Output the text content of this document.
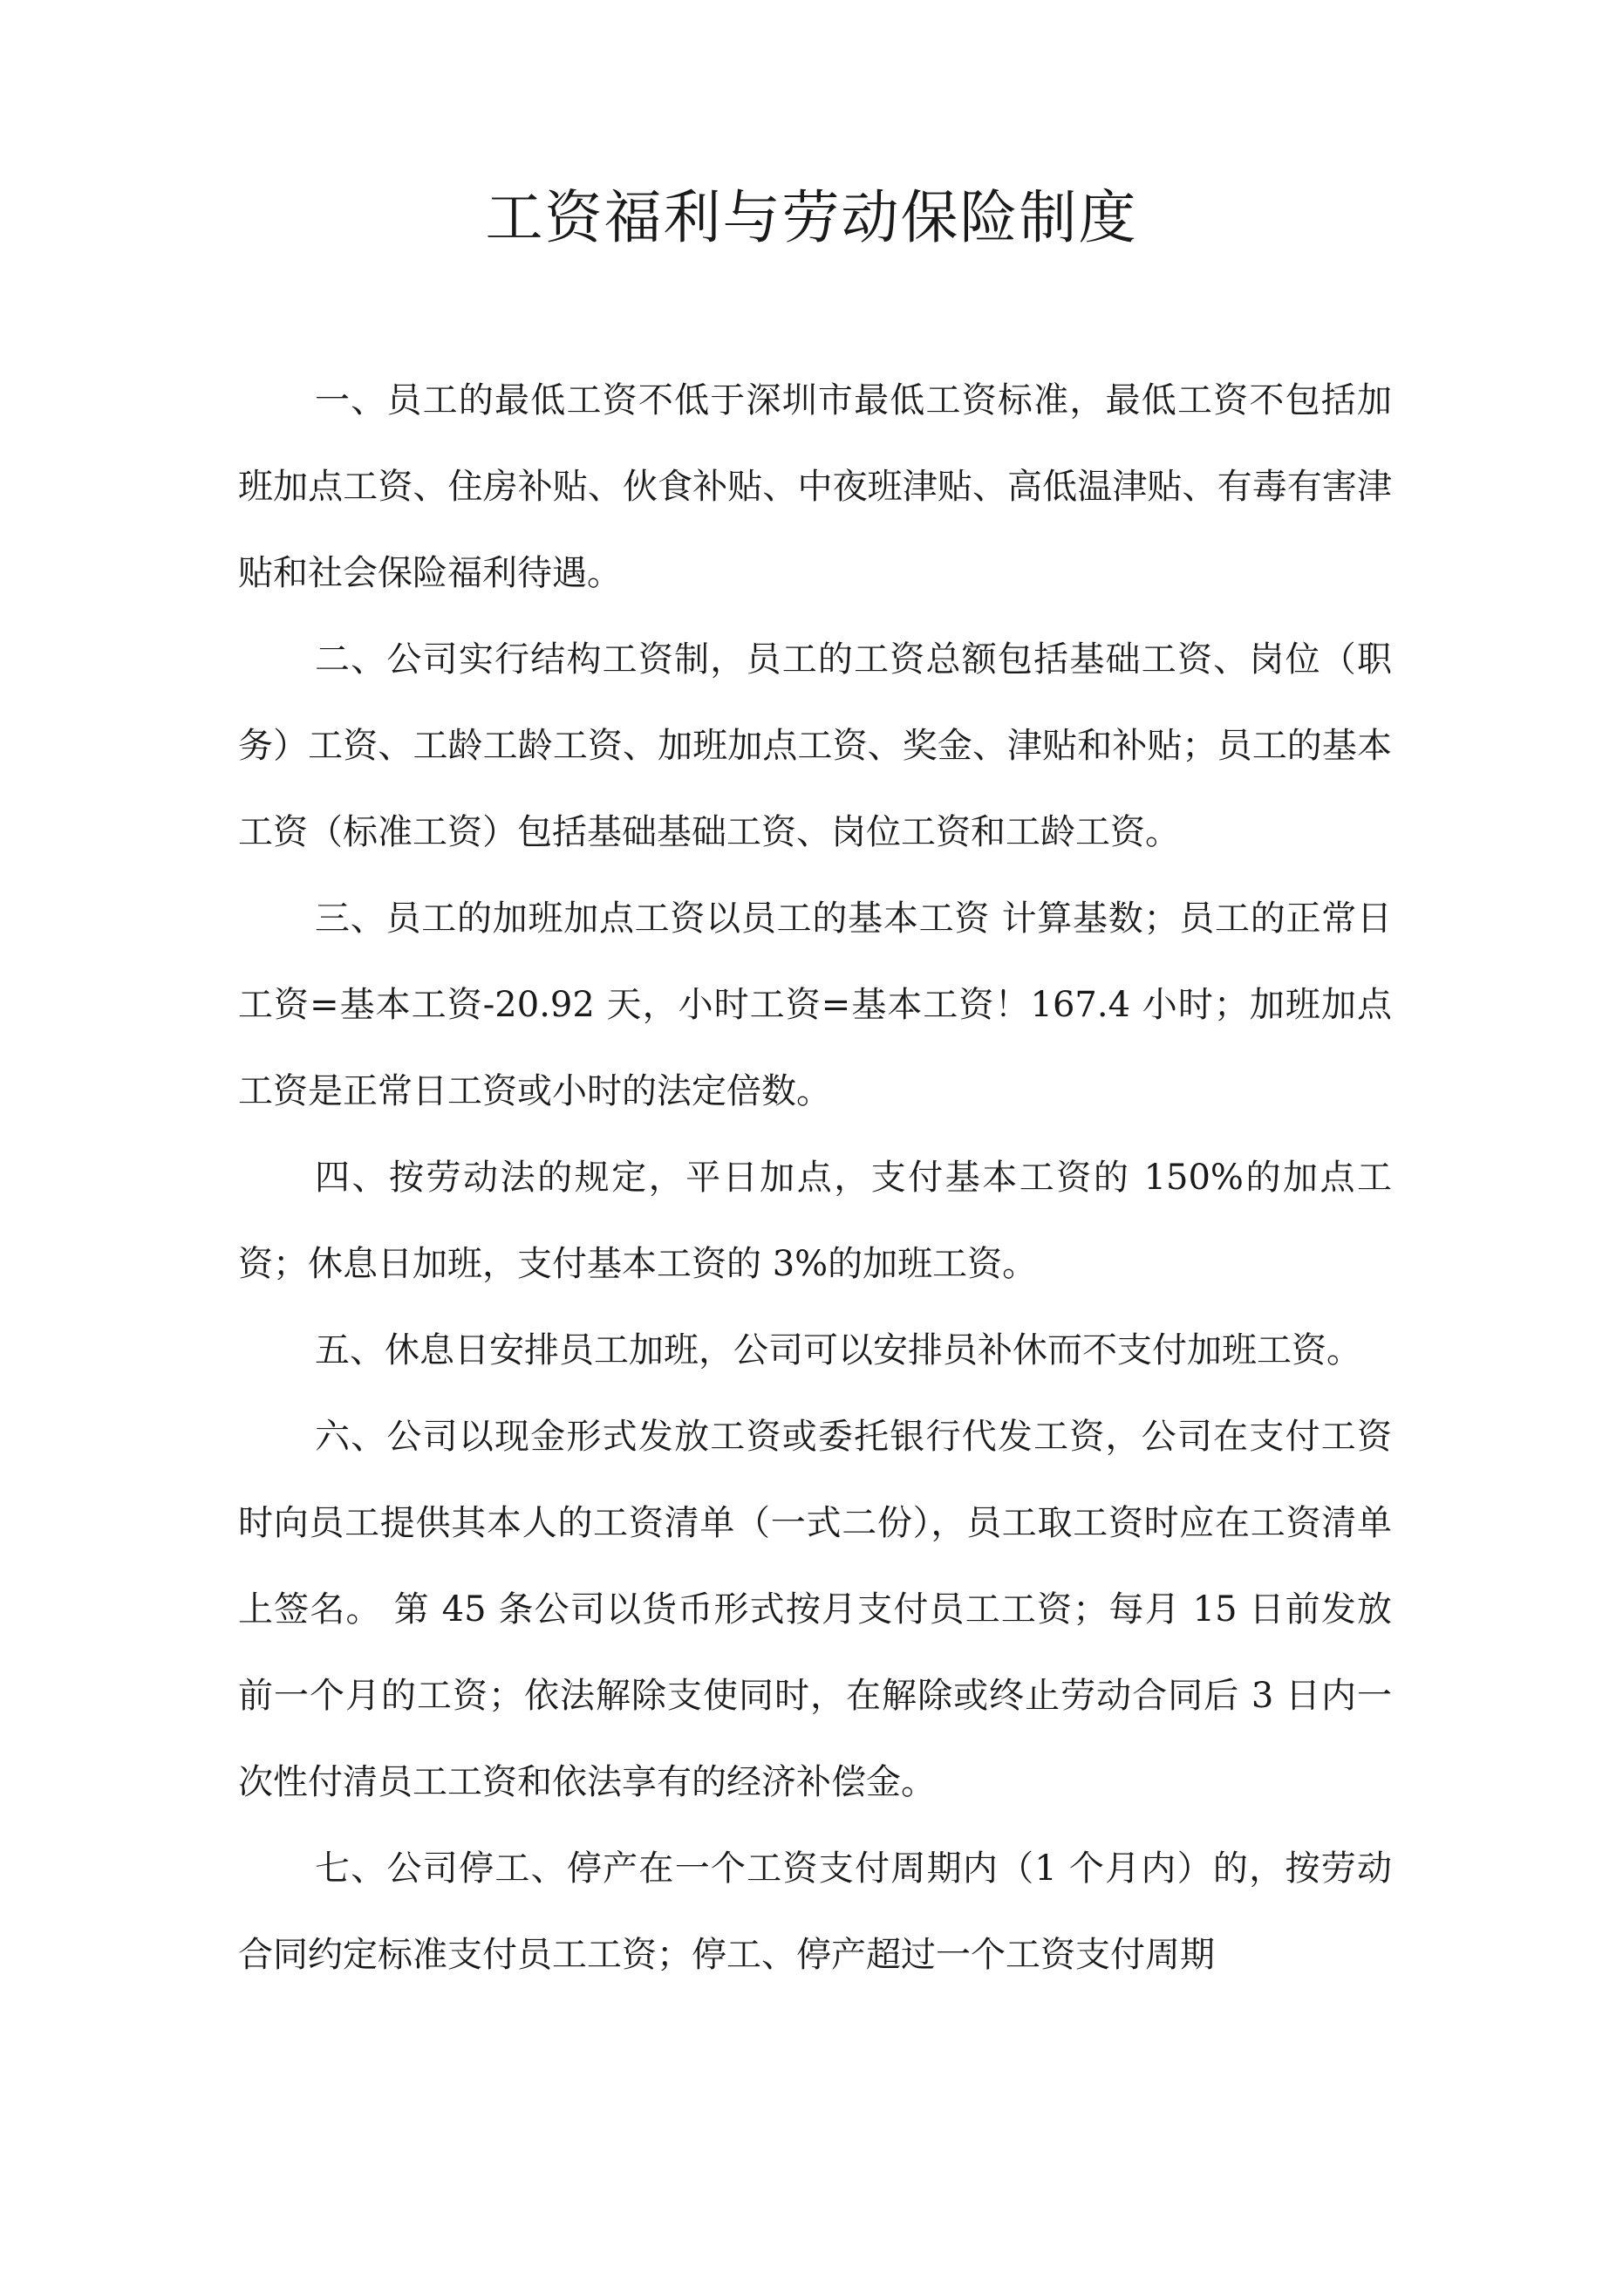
工资福利与劳动保险制度

一、员工的最低工资不低于深圳市最低工资标准，最低工资不包括加班加点工资、住房补贴、伙食补贴、中夜班津贴、高低温津贴、有毒有害津贴和社会保险福利待遇。

二、公司实行结构工资制，员工的工资总额包括基础工资、岗位（职务）工资、工龄工龄工资、加班加点工资、奖金、津贴和补贴；员工的基本工资（标准工资）包括基础基础工资、岗位工资和工龄工资。

三、员工的加班加点工资以员工的基本工资 计算基数；员工的正常日工资=基本工资-20.92 天，小时工资=基本工资！167.4 小时；加班加点工资是正常日工资或小时的法定倍数。

四、按劳动法的规定，平日加点，支付基本工资的 150%的加点工资；休息日加班，支付基本工资的 3%的加班工资。

五、休息日安排员工加班，公司可以安排员补休而不支付加班工资。

六、公司以现金形式发放工资或委托银行代发工资，公司在支付工资时向员工提供其本人的工资清单（一式二份），员工取工资时应在工资清单上签名。 第 45 条公司以货币形式按月支付员工工资；每月 15 日前发放前一个月的工资；依法解除支使同时，在解除或终止劳动合同后 3 日内一次性付清员工工资和依法享有的经济补偿金。

七、公司停工、停产在一个工资支付周期内（1 个月内）的，按劳动合同约定标准支付员工工资；停工、停产超过一个工资支付周期
